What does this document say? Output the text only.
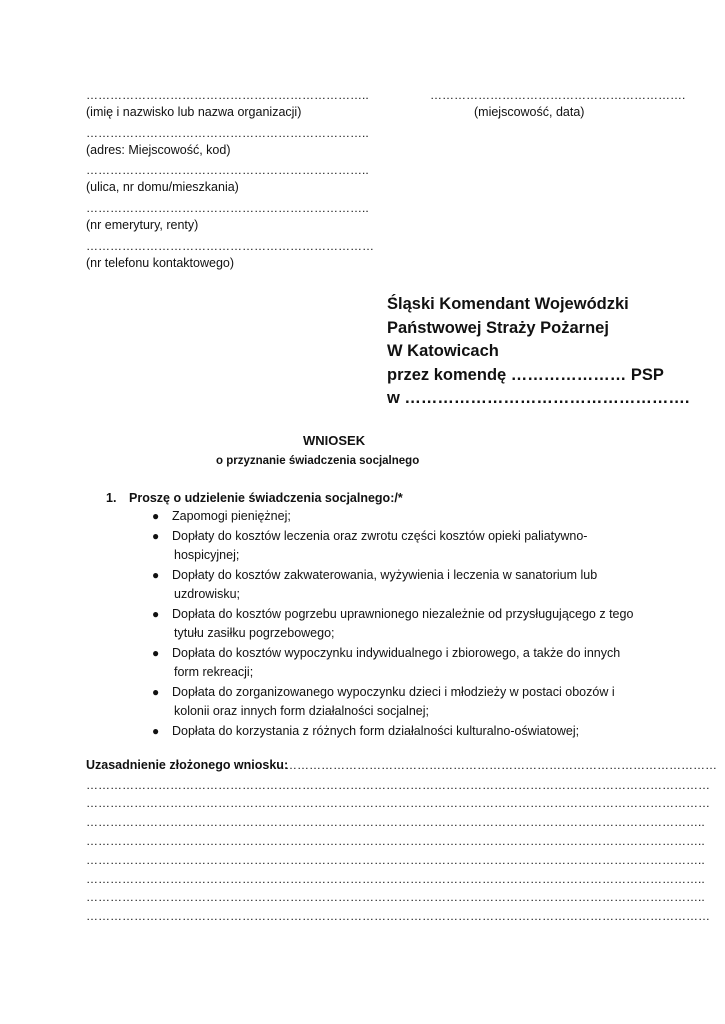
……………………………………………………………..
(imię i nazwisko lub nazwa organizacji)
……………………………………………………………..
(adres: Miejscowość, kod)
……………………………………………………………..
(ulica, nr domu/mieszkania)
……………………………………………………………..
(nr emerytury, renty)
………………………………………………………………
(nr telefonu kontaktowego)
……………………………………………………….
(miejscowość, data)
Śląski Komendant Wojewódzki
Państwowej Straży Pożarnej
W Katowicach
przez komendę ………………… PSP
w …………………………………………….
WNIOSEK
o przyznanie świadczenia socjalnego
1. Proszę o udzielenie świadczenia socjalnego:/*
● Zapomogi pieniężnej;
● Dopłaty do kosztów leczenia oraz zwrotu części kosztów opieki paliatywno-
hospicyjnej;
● Dopłaty do kosztów zakwaterowania, wyżywienia i leczenia w sanatorium lub
uzdrowisku;
● Dopłata do kosztów pogrzebu uprawnionego niezależnie od przysługującego z tego
tytułu zasiłku pogrzebowego;
● Dopłata do kosztów wypoczynku indywidualnego i zbiorowego, a także do innych
form rekreacji;
● Dopłata do zorganizowanego wypoczynku dzieci i młodzieży w postaci obozów i
kolonii oraz innych form działalności socjalnej;
● Dopłata do korzystania z różnych form działalności kulturalno-oświatowej;
Uzasadnienie złożonego wniosku:
…………………………………………………………………………………………………
…………………………………………………………………………………………………………………………………………
…………………………………………………………………………………………………………………………………………
………………………………………………………………………………………………………………………………………..
………………………………………………………………………………………………………………………………………..
………………………………………………………………………………………………………………………………………..
………………………………………………………………………………………………………………………………………..
………………………………………………………………………………………………………………………………………..
…………………………………………………………………………………………………………………………………………
